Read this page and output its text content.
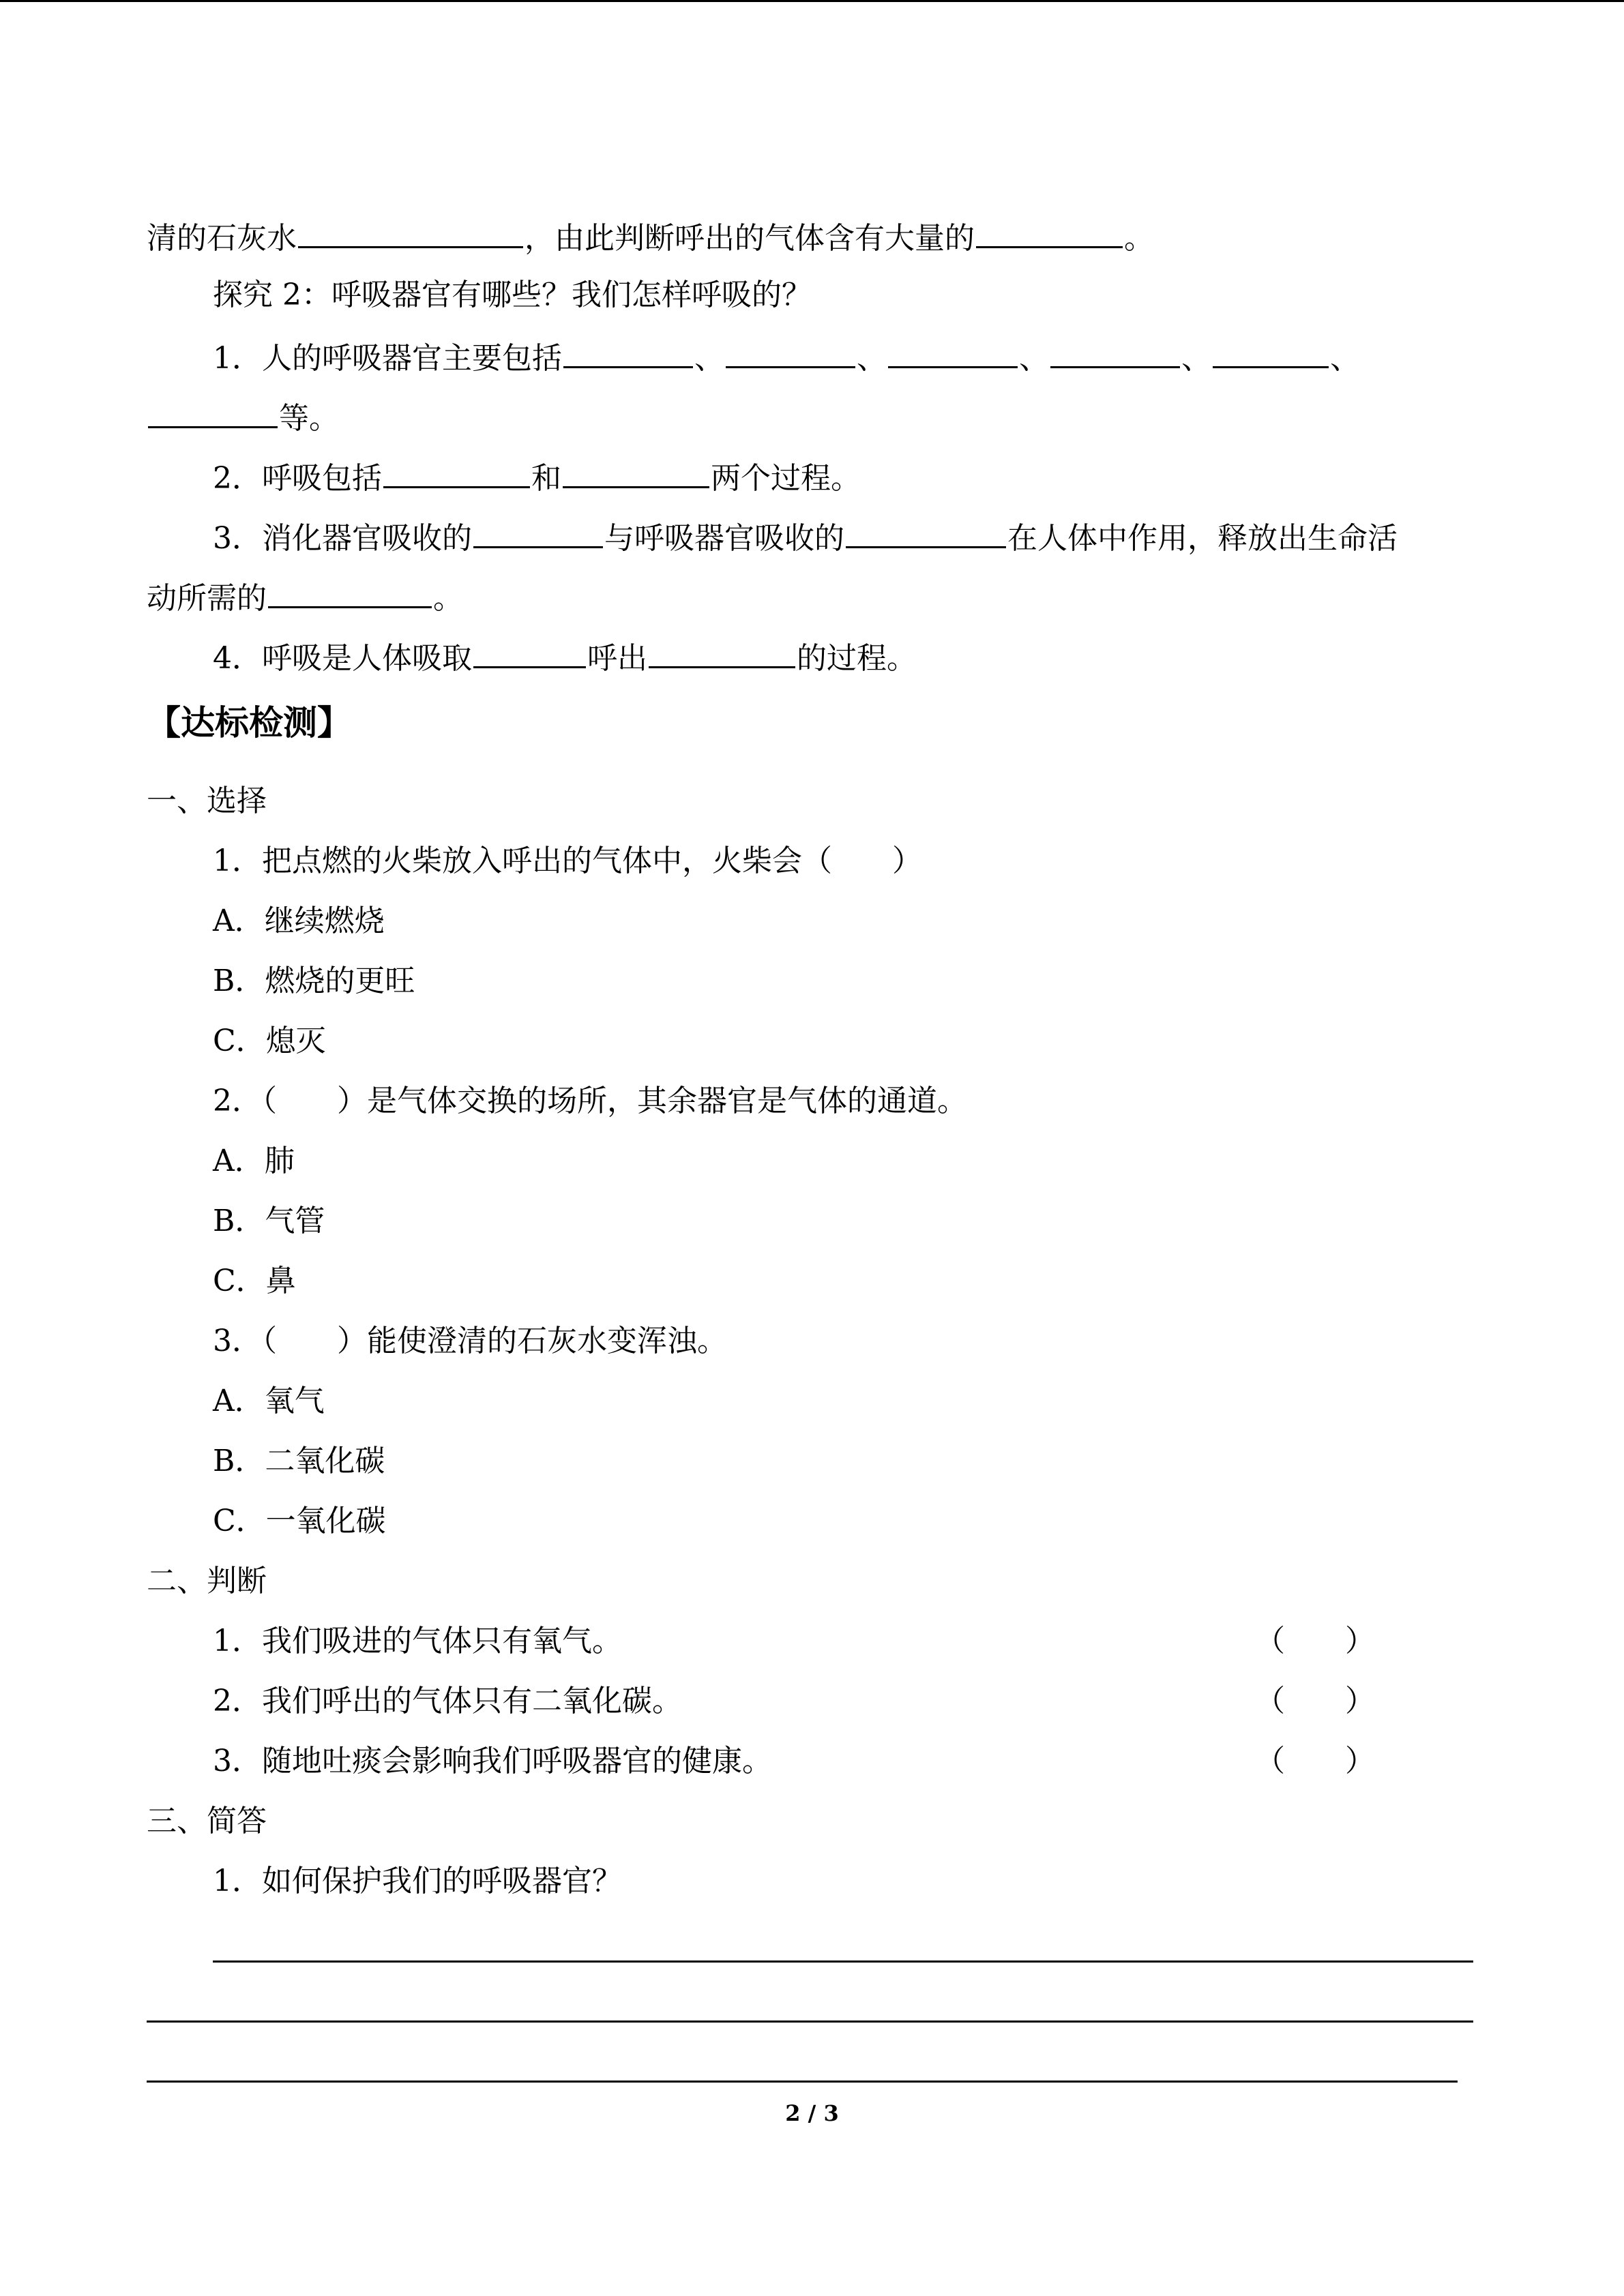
清的石灰水	，由此判断呼出的气体含有大量的	。
探究 2：呼吸器官有哪些？我们怎样呼吸的？
1．人的呼吸器官主要包括	、	、	、	、	、
等。
2．呼吸包括	和	两个过程。
3．消化器官吸收的	与呼吸器官吸收的	在人体中作用，释放出生命活
动所需的	。
4．呼吸是人体吸取	呼出	的过程。
【达标检测】
一、选择
1．把点燃的火柴放入呼出的气体中，火柴会（　　）
A．继续燃烧
B．燃烧的更旺
C．熄灭
2．（　　）是气体交换的场所，其余器官是气体的通道。
A．肺
B．气管
C．鼻
3．（　　）能使澄清的石灰水变浑浊。
A．氧气
B．二氧化碳
C．一氧化碳
二、判断
1．我们吸进的气体只有氧气。	（　　）
2．我们呼出的气体只有二氧化碳。	（　　）
3．随地吐痰会影响我们呼吸器官的健康。	（　　）
三、简答
1．如何保护我们的呼吸器官？
2 / 3
